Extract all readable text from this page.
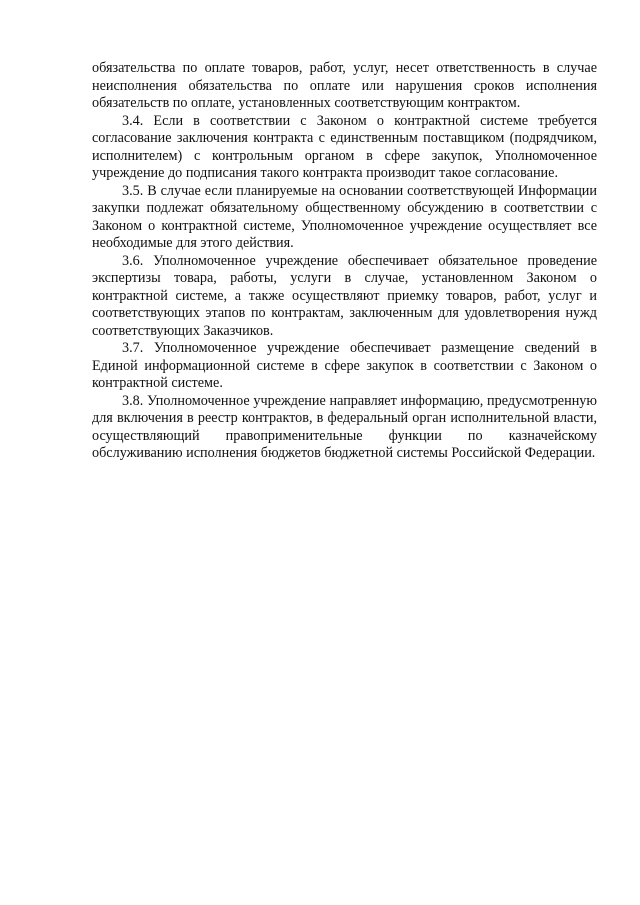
обязательства по оплате товаров, работ, услуг, несет ответственность в случае неисполнения обязательства по оплате или нарушения сроков исполнения обязательств по оплате, установленных соответствующим контрактом.

3.4. Если в соответствии с Законом о контрактной системе требуется согласование заключения контракта с единственным поставщиком (подрядчиком, исполнителем) с контрольным органом в сфере закупок, Уполномоченное учреждение до подписания такого контракта производит такое согласование.

3.5. В случае если планируемые на основании соответствующей Информации закупки подлежат обязательному общественному обсуждению в соответствии с Законом о контрактной системе, Уполномоченное учреждение осуществляет все необходимые для этого действия.

3.6. Уполномоченное учреждение обеспечивает обязательное проведение экспертизы товара, работы, услуги в случае, установленном Законом о контрактной системе, а также осуществляют приемку товаров, работ, услуг и соответствующих этапов по контрактам, заключенным для удовлетворения нужд соответствующих Заказчиков.

3.7. Уполномоченное учреждение обеспечивает размещение сведений в Единой информационной системе в сфере закупок в соответствии с Законом о контрактной системе.

3.8. Уполномоченное учреждение направляет информацию, предусмотренную для включения в реестр контрактов, в федеральный орган исполнительной власти, осуществляющий правоприменительные функции по казначейскому обслуживанию исполнения бюджетов бюджетной системы Российской Федерации.
